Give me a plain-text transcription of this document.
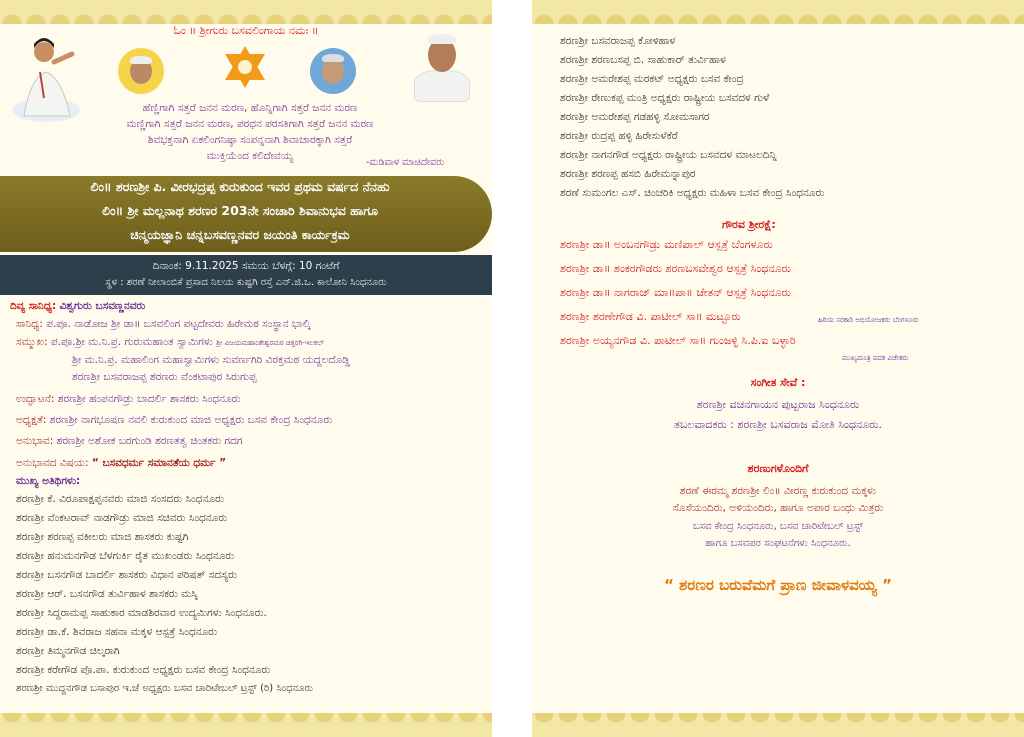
ಓಂ ॥ ಶ್ರೀಗುರು ಬಸವಲಿಂಗಾಯ ನಮಃ ॥
ಹೆಣ್ಣಿಗಾಗಿ ಸತ್ತರೆ ಜನನ ಮರಣ, ಹೊನ್ನಿಗಾಗಿ ಸತ್ತರೆ ಜನನ ಮರಣ
ಮಣ್ಣಿಗಾಗಿ ಸತ್ತರೆ ಜನನ ಮರಣ, ಪರಧನ ಪರಸತಿಗಾಗಿ ಸತ್ತರೆ ಜನನ ಮರಣ
ಶಿವಭಕ್ತನಾಗಿ ಏಕಲಿಂಗನಿಷ್ಠಾ ಸಂಪನ್ನನಾಗಿ ಶಿವಾಚಾರಕ್ಕಾಗಿ ಸತ್ತರೆ
ಮುಕ್ತಿಯೆಂದ ಕಲಿದೇವಯ್ಯ
-ಮಡಿವಾಳ ಮಾಚಿದೇವರು
ಲಿಂ॥ ಶರಣಶ್ರೀ ಪಿ. ವೀರಭದ್ರಪ್ಪ ಕುರುಕುಂದ ಇವರ ಪ್ರಥಮ ವರ್ಷದ ನೆನಹು
ಲಿಂ॥ ಶ್ರೀ ಮಲ್ಲನಾಥ ಶರಣರ 203ನೇ ಸಂಚಾರಿ ಶಿವಾನುಭವ ಹಾಗೂ
ಚಿನ್ಮಯಜ್ಞಾನಿ ಚನ್ನಬಸವಣ್ಣನವರ ಜಯಂತಿ ಕಾರ್ಯಕ್ರಮ
ದಿನಾಂಕ: 9.11.2025 ಸಮಯ ಬೆಳಗ್ಗೆ: 10 ಗಂಟೆಗೆ
ಸ್ಥಳ : ಶರಣೆ ನೀಲಾಂಬಿಕೆ ಪ್ರಸಾದ ನಿಲಯ ಕುಷ್ಟಗಿ ರಸ್ತೆ ಎನ್.ಜಿ.ಒ. ಕಾಲೋನಿ ಸಿಂಧನೂರು
ದಿವ್ಯ ಸಾನಿಧ್ಯ: ವಿಶ್ವಗುರು ಬಸವಣ್ಣನವರು
ಸಾನಿಧ್ಯ: ಪ.ಪೂ. ನಾಡೋಜ ಶ್ರೀ ಡಾ॥ ಬಸವಲಿಂಗ ಪಟ್ಟದೇವರು ಹಿರೇಮಠ ಸಂಸ್ಥಾನ ಭಾಲ್ಕಿ
ಸಮ್ಮುಖ: ಪ.ಪೂ.ಶ್ರೀ ಮ.ನಿ.ಪ್ರ. ಗುರುಮಹಾಂತ ಸ್ವಾಮಿಗಳು ಶ್ರೀ ವಿಜಯಮಹಾಂತೇಶ್ವರಮಠ ಚಿತ್ತರಗಿ-ಇಲಕಲ್
ಶ್ರೀ ಮ.ನಿ.ಪ್ರ. ಮಹಾಲಿಂಗ ಮಹಾಸ್ವಾಮಿಗಳು ಸುವರ್ಣಗಿರಿ ವಿರಕ್ತಮಠ ಯದ್ದಲದೊಡ್ಡಿ
ಶರಣಶ್ರೀ ಬಸವರಾಜಪ್ಪ ಶರಣರು ವೆಂಕಟಾಪುರ ಸಿರುಗುಪ್ಪ
ಉದ್ಘಾಟನೆ: ಶರಣಶ್ರೀ ಹಂಪನಗೌಡ್ರು ಬಾದರ್ಲಿ ಶಾಸಕರು ಸಿಂಧನೂರು
ಅಧ್ಯಕ್ಷತೆ: ಶರಣಶ್ರೀ ನಾಗಭೂಷಣ ನವಲಿ ಕುರುಕುಂದ ಮಾಜಿ ಅಧ್ಯಕ್ಷರು ಬಸವ ಕೇಂದ್ರ ಸಿಂಧನೂರು
ಅನುಭಾವ: ಶರಣಶ್ರೀ ಅಶೋಕ ಬರಗುಂಡಿ ಶರಣತತ್ವ ಚಿಂತಕರು ಗದಗ
ಅನುಭಾವದ ವಿಷಯ: “ ಬಸವಧರ್ಮ ಸಮಾನತೆಯ ಧರ್ಮ ”
ಮುಖ್ಯ ಅತಿಥಿಗಳು:
ಶರಣಶ್ರೀ ಕೆ. ವಿರೂಪಾಕ್ಷಪ್ಪನವರು ಮಾಜಿ ಸಂಸದರು ಸಿಂಧನೂರು
ಶರಣಶ್ರೀ ವೆಂಕಟರಾವ್ ನಾಡಗೌಡ್ರು ಮಾಜಿ ಸಚಿವರು ಸಿಂಧನೂರು
ಶರಣಶ್ರೀ ಶರಣಪ್ಪ ವಕೀಲರು ಮಾಜಿ ಶಾಸಕರು ಕುಷ್ಟಗಿ
ಶರಣಶ್ರೀ ಹನುಮನಗೌಡ ಬೆಳಗುರ್ಕಿ ರೈತ ಮುಖಂಡರು ಸಿಂಧನೂರು
ಶರಣಶ್ರೀ ಬಸನಗೌಡ ಬಾದರ್ಲಿ ಶಾಸಕರು ವಿಧಾನ ಪರಿಷತ್ ಸದಸ್ಯರು
ಶರಣಶ್ರೀ ಆರ್. ಬಸನಗೌಡ ತುರ್ವಿಹಾಳ ಶಾಸಕರು ಮಸ್ಕಿ
ಶರಣಶ್ರೀ ಸಿದ್ದರಾಮಪ್ಪ ಸಾಹುಕಾರ ಮಾಡಶಿರವಾರ ಉದ್ಯಮಿಗಳು ಸಿಂಧನೂರು.
ಶರಣಶ್ರೀ ಡಾ.ಕೆ. ಶಿವರಾಜ ಸಹನಾ ಮಕ್ಕಳ ಆಸ್ಪತ್ರೆ ಸಿಂಧನೂರು
ಶರಣಶ್ರೀ ತಿಮ್ಮನಗೌಡ ಚಿಲ್ಕರಾಗಿ
ಶರಣಶ್ರೀ ಕರೇಗೌಡ ಪೊ.ಪಾ. ಕುರುಕುಂದ ಅಧ್ಯಕ್ಷರು ಬಸವ ಕೇಂದ್ರ ಸಿಂಧನೂರು
ಶರಣಶ್ರೀ ಮುದ್ದನಗೌಡ ಬಸಾಪುರ ಇ.ಜೆ ಅಧ್ಯಕ್ಷರು ಬಸವ ಚಾರಿಟೇಬಲ್ ಟ್ರಸ್ಟ್ (ರಿ) ಸಿಂಧನೂರು
ಶರಣಶ್ರೀ ಬಸವರಾಜಪ್ಪ ಕೋಳಿಹಾಳ
ಶರಣಶ್ರೀ ಶರಣಬಸಪ್ಪ ಬಿ. ಸಾಹುಕಾರ್ ತುರ್ವಿಹಾಳ
ಶರಣಶ್ರೀ ಅಮರೇಶಪ್ಪ ಮರಕಟ್ ಅಧ್ಯಕ್ಷರು ಬಸವ ಕೇಂದ್ರ
ಶರಣಶ್ರೀ ರೇಣುಕಪ್ಪ ಮಂತ್ರಿ ಅಧ್ಯಕ್ಷರು ರಾಷ್ಟ್ರೀಯ ಬಸವದಳ ಗುಳೆ
ಶರಣಶ್ರೀ ಅಮರೇಶಪ್ಪ ಗಡಹಳ್ಳಿ ಸೋಮಸಾಗರ
ಶರಣಶ್ರೀ ರುದ್ರಪ್ಪ ಹಳ್ಳಿ ಹಿರೇಸುಳೆಕೆರೆ
ಶರಣಶ್ರೀ ನಾಗನಗೌಡ ಅಧ್ಯಕ್ಷರು ರಾಷ್ಟ್ರೀಯ ಬಸವದಳ ಮಾಟಲದಿನ್ನಿ
ಶರಣಶ್ರೀ ಶರಣಪ್ಪ ಹಸಬಿ ಹಿರೇಮನ್ನಾಪುರ
ಶರಣೆ ಸುಮಂಗಲ ಎಸ್. ಚಿಂಚರಿಕಿ ಅಧ್ಯಕ್ಷರು ಮಹಿಳಾ ಬಸವ ಕೇಂದ್ರ ಸಿಂಧನೂರು
ಗೌರವ ಶ್ರೀರಕ್ಷೆ:
ಶರಣಶ್ರೀ ಡಾ॥ ಅಂಬನಗೌಡ್ರು ಮಣಿಪಾಲ್ ಆಸ್ಪತ್ರೆ ಬೆಂಗಳೂರು
ಶರಣಶ್ರೀ ಡಾ॥ ಶಂಕರಗೌಡರು ಶರಣಬಸವೇಶ್ವರ ಆಸ್ಪತ್ರೆ ಸಿಂಧನೂರು
ಶರಣಶ್ರೀ ಡಾ॥ ನಾಗರಾಜ್ ಮಾ॥ಪಾ॥ ಚೇತನ್ ಆಸ್ಪತ್ರೆ ಸಿಂಧನೂರು
ಶರಣಶ್ರೀ ಶರಣೇಗೌಡ ವಿ. ಪಾಟೀಲ್ ಸಾ॥ ಮಟ್ಟೂರು	ಹಿರಿಯ ಸರಕಾರಿ ಅಭಿಯೋಜಕರು ಬೆಂಗಳೂರು
ಶರಣಶ್ರೀ ಅಯ್ಯನಗೌಡ ವಿ. ಪಾಟೀಲ್ ಸಾ॥ ಗುಂಜಳ್ಳಿ ಸಿ.ಪಿ.ಐ ಬಳ್ಳಾರಿ
ಮುಖ್ಯಮಂತ್ರಿ ಪದಕ ವಿಜೇತರು
ಸಂಗೀತ ಸೇವೆ :
ಶರಣಶ್ರೀ ವಚನಗಾಯನ ಪುಟ್ಟರಾಜ ಸಿಂಧನೂರು
ತಬಲವಾದಕರು : ಶರಣಶ್ರೀ ಬಸವರಾಜ ಮೋತಿ ಸಿಂಧನೂರು.
ಶರಣುಗಳೊಂದಿಗೆ
ಶರಣೆ ಈರಮ್ಮ ಶರಣಶ್ರೀ ಲಿಂ॥ ವೀರಣ್ಣ ಕುರುಕುಂದ ಮಕ್ಕಳು
ಸೊಸೆಯಂದಿರು, ಅಳಿಯಂದಿರು, ಹಾಗೂ ಅಪಾರ ಬಂಧು ಮಿತ್ರರು
ಬಸವ ಕೇಂದ್ರ ಸಿಂಧನೂರು, ಬಸವ ಚಾರಿಟೇಬಲ್ ಟ್ರಸ್ಟ್
ಹಾಗೂ ಬಸವಪರ ಸಂಘಟನೆಗಳು ಸಿಂಧನೂರು.
“ ಶರಣರ ಬರುವೆಮಗೆ ಪ್ರಾಣ ಜೀವಾಳವಯ್ಯ ”
